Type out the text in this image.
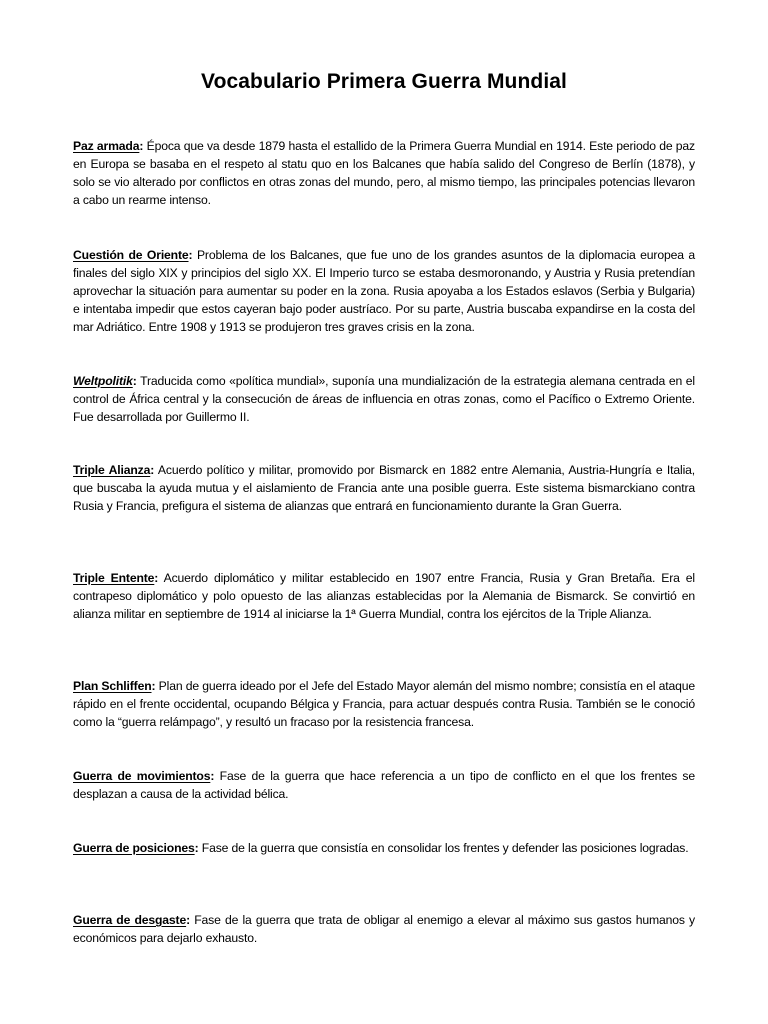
Vocabulario Primera Guerra Mundial

Paz armada: Época que va desde 1879 hasta el estallido de la Primera Guerra Mundial en 1914. Este periodo de paz en Europa se basaba en el respeto al statu quo en los Balcanes que había salido del Congreso de Berlín (1878), y solo se vio alterado por conflictos en otras zonas del mundo, pero, al mismo tiempo, las principales potencias llevaron a cabo un rearme intenso.

Cuestión de Oriente: Problema de los Balcanes, que fue uno de los grandes asuntos de la diplomacia europea a finales del siglo XIX y principios del siglo XX. El Imperio turco se estaba desmoronando, y Austria y Rusia pretendían aprovechar la situación para aumentar su poder en la zona. Rusia apoyaba a los Estados eslavos (Serbia y Bulgaria) e intentaba impedir que estos cayeran bajo poder austríaco. Por su parte, Austria buscaba expandirse en la costa del mar Adriático. Entre 1908 y 1913 se produjeron tres graves crisis en la zona.

Weltpolitik: Traducida como «política mundial», suponía una mundialización de la estrategia alemana centrada en el control de África central y la consecución de áreas de influencia en otras zonas, como el Pacífico o Extremo Oriente. Fue desarrollada por Guillermo II.

Triple Alianza: Acuerdo político y militar, promovido por Bismarck en 1882 entre Alemania, Austria-Hungría e Italia, que buscaba la ayuda mutua y el aislamiento de Francia ante una posible guerra. Este sistema bismarckiano contra Rusia y Francia, prefigura el sistema de alianzas que entrará en funcionamiento durante la Gran Guerra.

Triple Entente: Acuerdo diplomático y militar establecido en 1907 entre Francia, Rusia y Gran Bretaña. Era el contrapeso diplomático y polo opuesto de las alianzas establecidas por la Alemania de Bismarck. Se convirtió en alianza militar en septiembre de 1914 al iniciarse la 1ª Guerra Mundial, contra los ejércitos de la Triple Alianza.

Plan Schliffen: Plan de guerra ideado por el Jefe del Estado Mayor alemán del mismo nombre; consistía en el ataque rápido en el frente occidental, ocupando Bélgica y Francia, para actuar después contra Rusia. También se le conoció como la “guerra relámpago”, y resultó un fracaso por la resistencia francesa.

Guerra de movimientos: Fase de la guerra que hace referencia a un tipo de conflicto en el que los frentes se desplazan a causa de la actividad bélica.

Guerra de posiciones: Fase de la guerra que consistía en consolidar los frentes y defender las posiciones logradas.

Guerra de desgaste: Fase de la guerra que trata de obligar al enemigo a elevar al máximo sus gastos humanos y económicos para dejarlo exhausto.
